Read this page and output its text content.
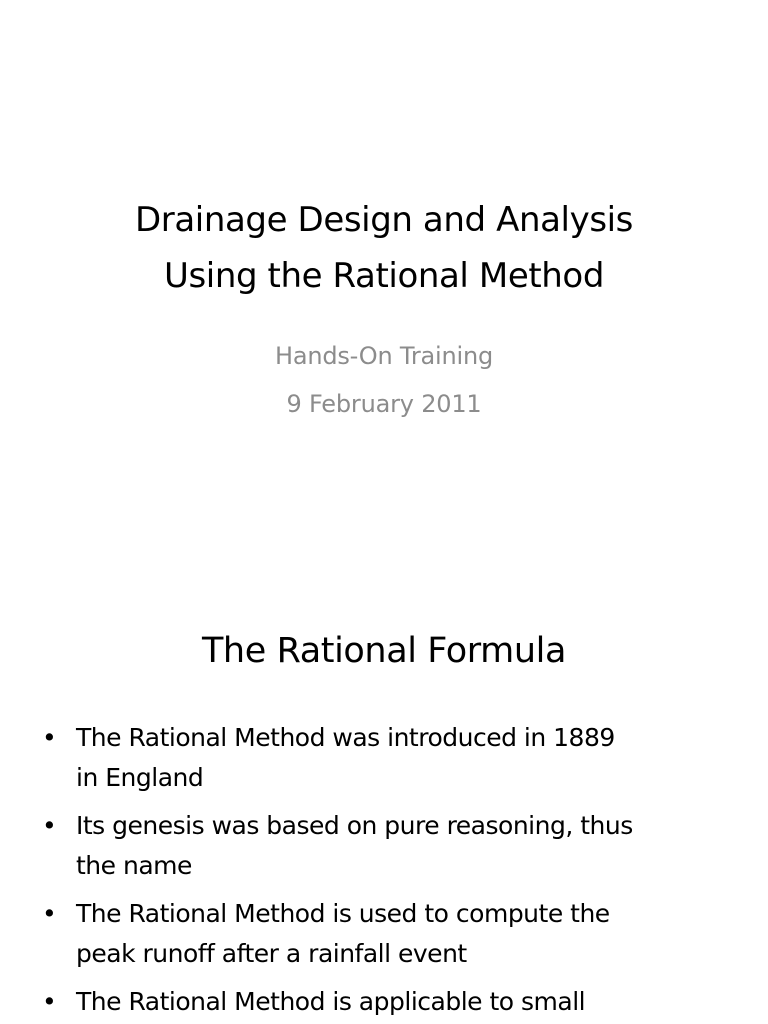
Drainage Design and Analysis
Using the Rational Method
Hands-On Training
9 February 2011
The Rational Formula
• The Rational Method was introduced in 1889
in England
• Its genesis was based on pure reasoning, thus
the name
• The Rational Method is used to compute the
peak runoff after a rainfall event
• The Rational Method is applicable to small
